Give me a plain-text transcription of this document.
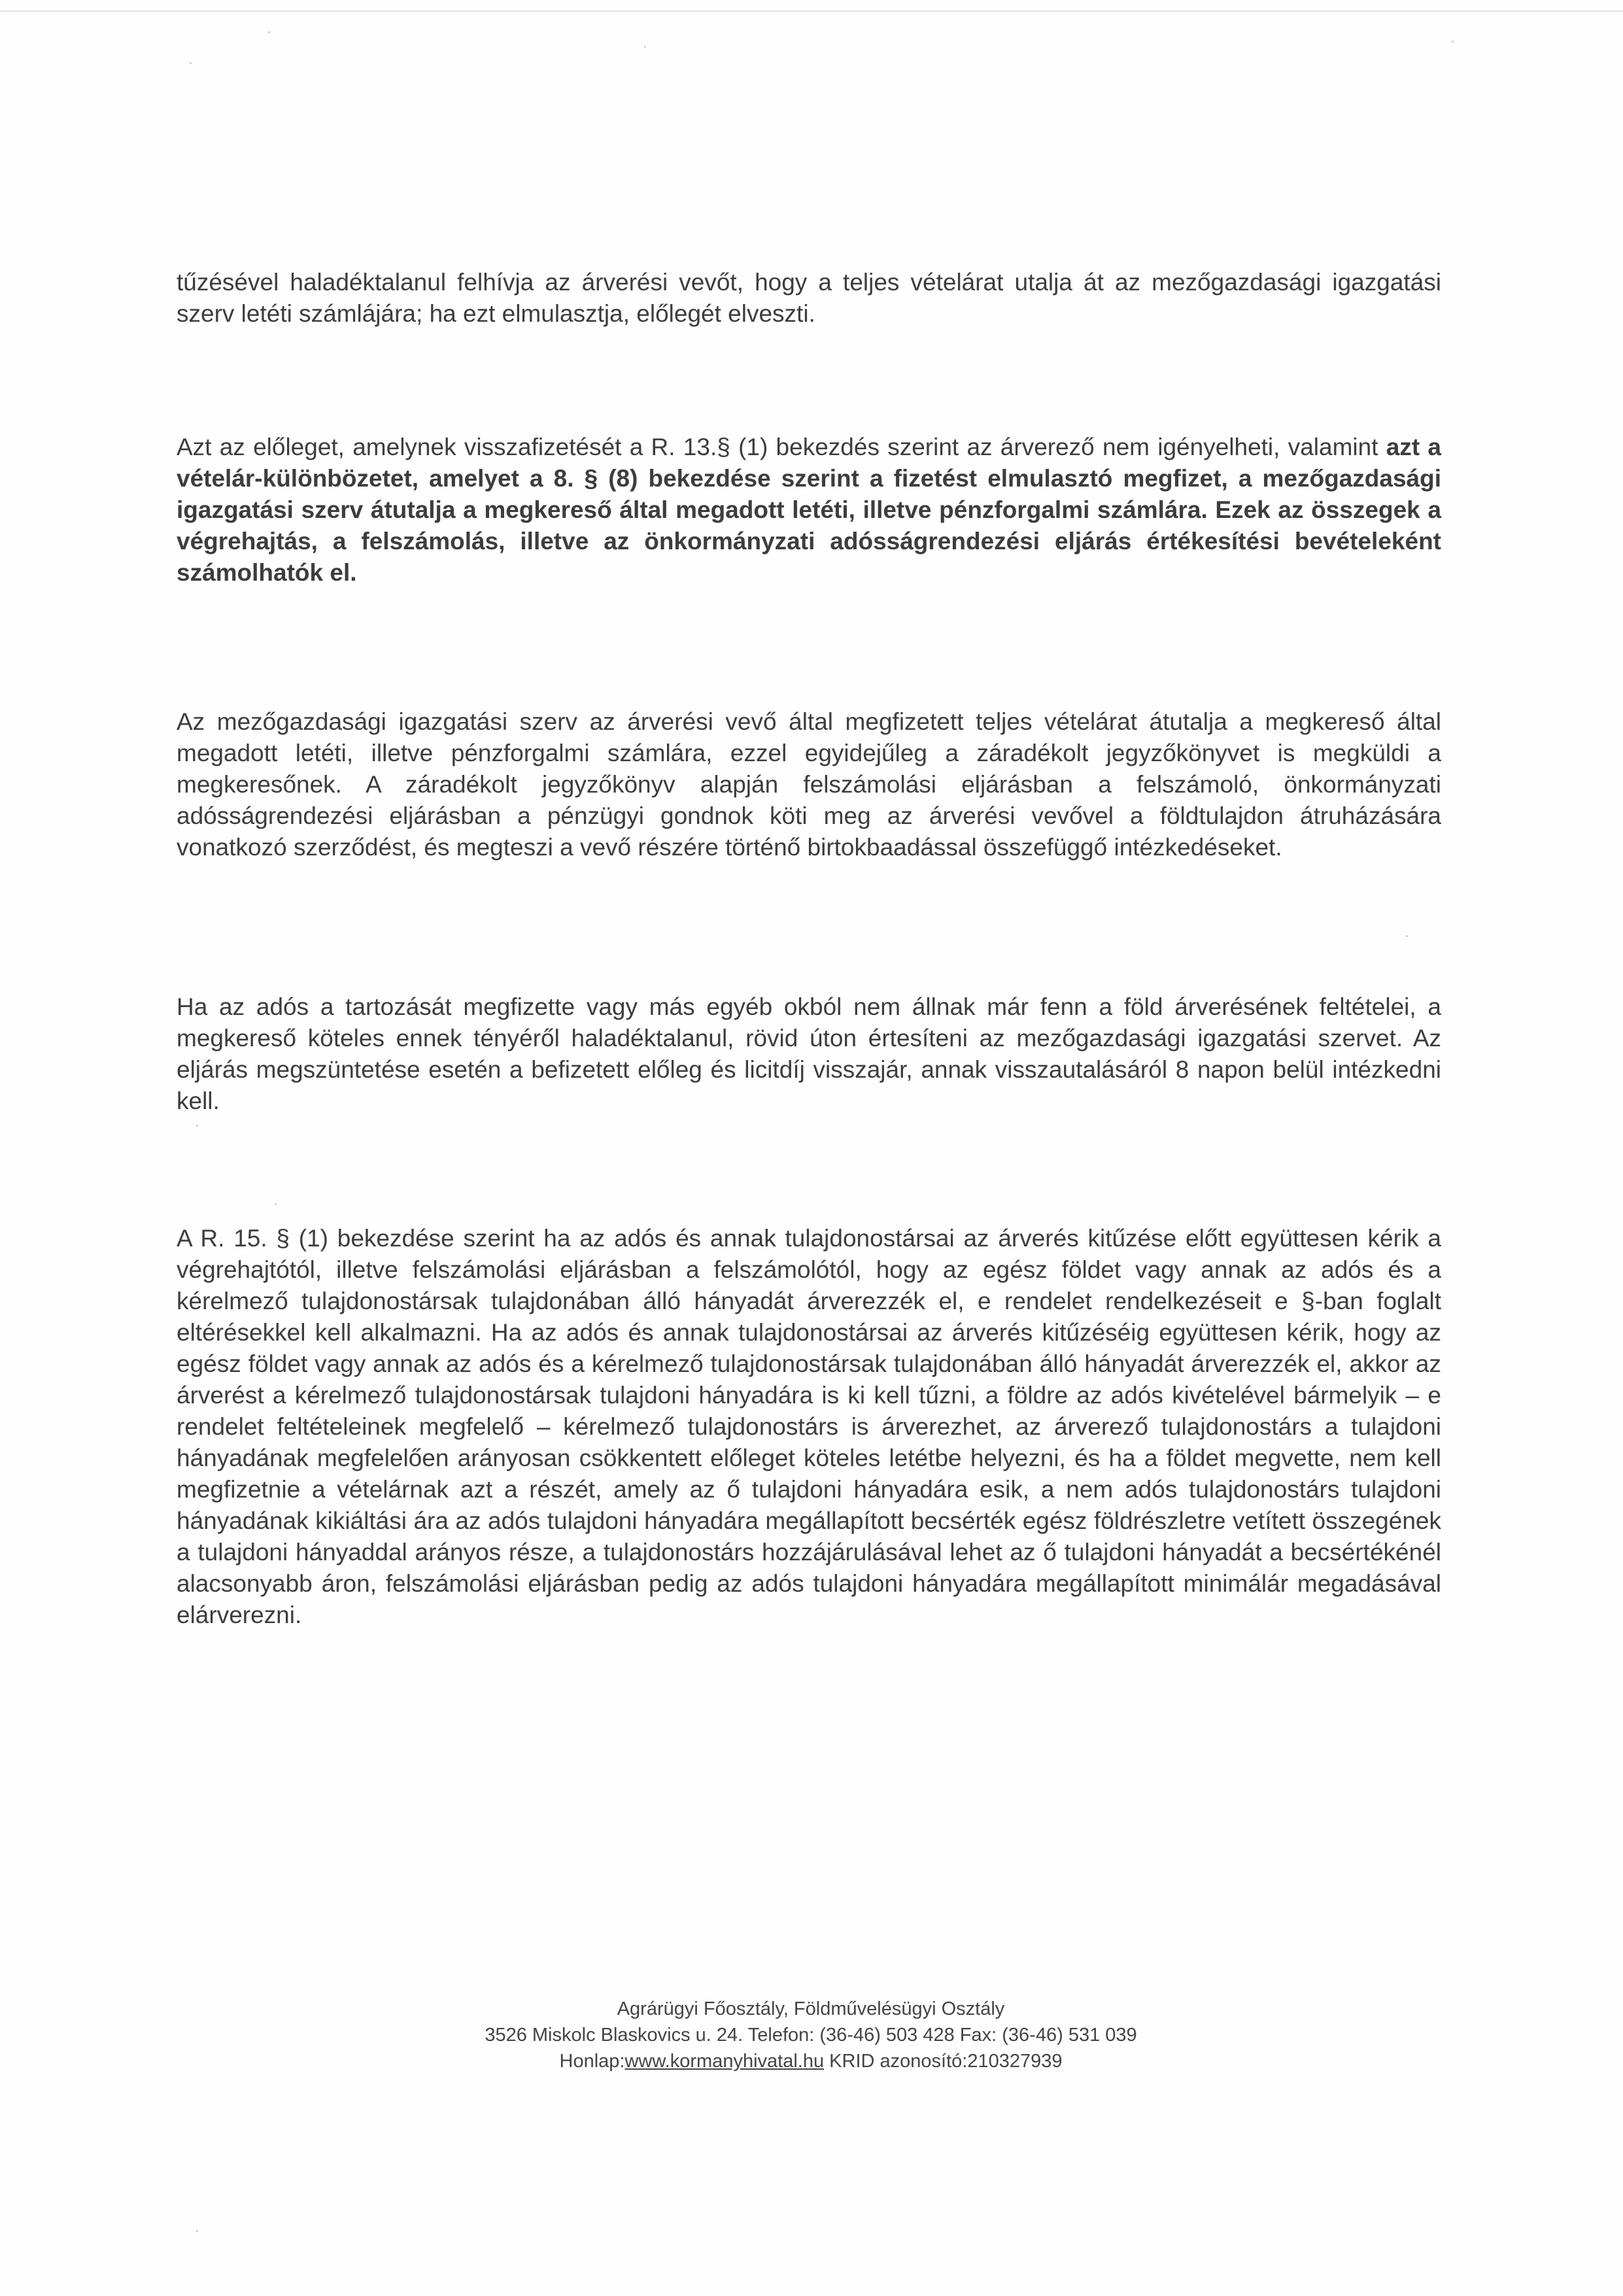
tűzésével haladéktalanul felhívja az árverési vevőt, hogy a teljes vételárat utalja át az mezőgazdasági igazgatási szerv letéti számlájára; ha ezt elmulasztja, előlegét elveszti.

Azt az előleget, amelynek visszafizetését a R. 13.§ (1) bekezdés szerint az árverező nem igényelheti, valamint azt a vételár-különbözetet, amelyet a 8. § (8) bekezdése szerint a fizetést elmulasztó megfizet, a mezőgazdasági igazgatási szerv átutalja a megkereső által megadott letéti, illetve pénzforgalmi számlára. Ezek az összegek a végrehajtás, a felszámolás, illetve az önkormányzati adósságrendezési eljárás értékesítési bevételeként számolhatók el.

Az mezőgazdasági igazgatási szerv az árverési vevő által megfizetett teljes vételárat átutalja a megkereső által megadott letéti, illetve pénzforgalmi számlára, ezzel egyidejűleg a záradékolt jegyzőkönyvet is megküldi a megkeresőnek. A záradékolt jegyzőkönyv alapján felszámolási eljárásban a felszámoló, önkormányzati adósságrendezési eljárásban a pénzügyi gondnok köti meg az árverési vevővel a földtulajdon átruházására vonatkozó szerződést, és megteszi a vevő részére történő birtokbaadással összefüggő intézkedéseket.

Ha az adós a tartozását megfizette vagy más egyéb okból nem állnak már fenn a föld árverésének feltételei, a megkereső köteles ennek tényéről haladéktalanul, rövid úton értesíteni az mezőgazdasági igazgatási szervet. Az eljárás megszüntetése esetén a befizetett előleg és licitdíj visszajár, annak visszautalásáról 8 napon belül intézkedni kell.

A R. 15. § (1) bekezdése szerint ha az adós és annak tulajdonostársai az árverés kitűzése előtt együttesen kérik a végrehajtótól, illetve felszámolási eljárásban a felszámolótól, hogy az egész földet vagy annak az adós és a kérelmező tulajdonostársak tulajdonában álló hányadát árverezzék el, e rendelet rendelkezéseit e §-ban foglalt eltérésekkel kell alkalmazni. Ha az adós és annak tulajdonostársai az árverés kitűzéséig együttesen kérik, hogy az egész földet vagy annak az adós és a kérelmező tulajdonostársak tulajdonában álló hányadát árverezzék el, akkor az árverést a kérelmező tulajdonostársak tulajdoni hányadára is ki kell tűzni, a földre az adós kivételével bármelyik – e rendelet feltételeinek megfelelő – kérelmező tulajdonostárs is árverezhet, az árverező tulajdonostárs a tulajdoni hányadának megfelelően arányosan csökkentett előleget köteles letétbe helyezni, és ha a földet megvette, nem kell megfizetnie a vételárnak azt a részét, amely az ő tulajdoni hányadára esik, a nem adós tulajdonostárs tulajdoni hányadának kikiáltási ára az adós tulajdoni hányadára megállapított becsérték egész földrészletre vetített összegének a tulajdoni hányaddal arányos része, a tulajdonostárs hozzájárulásával lehet az ő tulajdoni hányadát a becsértékénél alacsonyabb áron, felszámolási eljárásban pedig az adós tulajdoni hányadára megállapított minimálár megadásával elárverezni.

Agrárügyi Főosztály, Földművelésügyi Osztály
3526 Miskolc Blaskovics u. 24. Telefon: (36-46) 503 428 Fax: (36-46) 531 039
Honlap:www.kormanyhivatal.hu KRID azonosító:210327939
